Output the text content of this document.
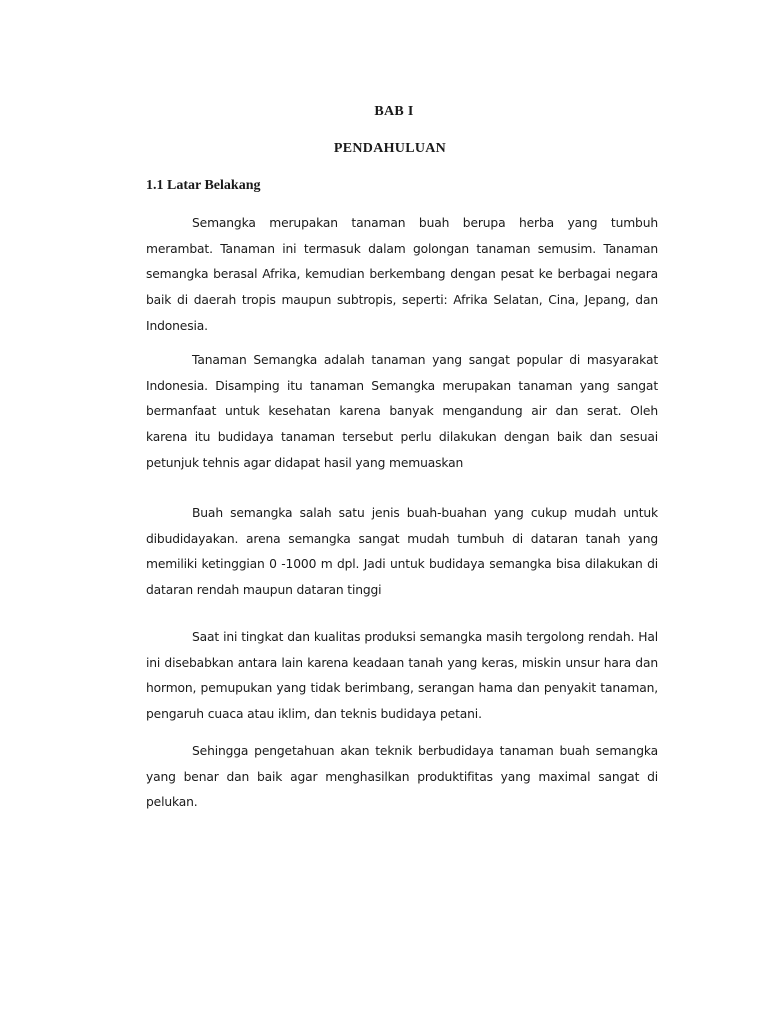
BAB I
PENDAHULUAN
1.1 Latar Belakang

Semangka merupakan tanaman buah berupa herba yang tumbuh merambat. Tanaman ini termasuk dalam golongan tanaman semusim. Tanaman semangka berasal Afrika, kemudian berkembang dengan pesat ke berbagai negara baik di daerah tropis maupun subtropis, seperti: Afrika Selatan, Cina, Jepang, dan Indonesia.

Tanaman Semangka adalah tanaman yang sangat popular di masyarakat Indonesia. Disamping itu tanaman Semangka merupakan tanaman yang sangat bermanfaat untuk kesehatan karena banyak mengandung air dan serat. Oleh karena itu budidaya tanaman tersebut perlu dilakukan dengan baik dan sesuai petunjuk tehnis agar didapat hasil yang memuaskan

Buah semangka salah satu jenis buah-buahan yang cukup mudah untuk dibudidayakan. arena semangka sangat mudah tumbuh di dataran tanah yang memiliki ketinggian 0 -1000 m dpl. Jadi untuk budidaya semangka bisa dilakukan di dataran rendah maupun dataran tinggi

Saat ini tingkat dan kualitas produksi semangka masih tergolong rendah. Hal ini disebabkan antara lain karena keadaan tanah yang keras, miskin unsur hara dan hormon, pemupukan yang tidak berimbang, serangan hama dan penyakit tanaman, pengaruh cuaca atau iklim, dan teknis budidaya petani.

Sehingga pengetahuan akan teknik berbudidaya tanaman buah semangka yang benar dan baik agar menghasilkan produktifitas yang maximal sangat di pelukan.
